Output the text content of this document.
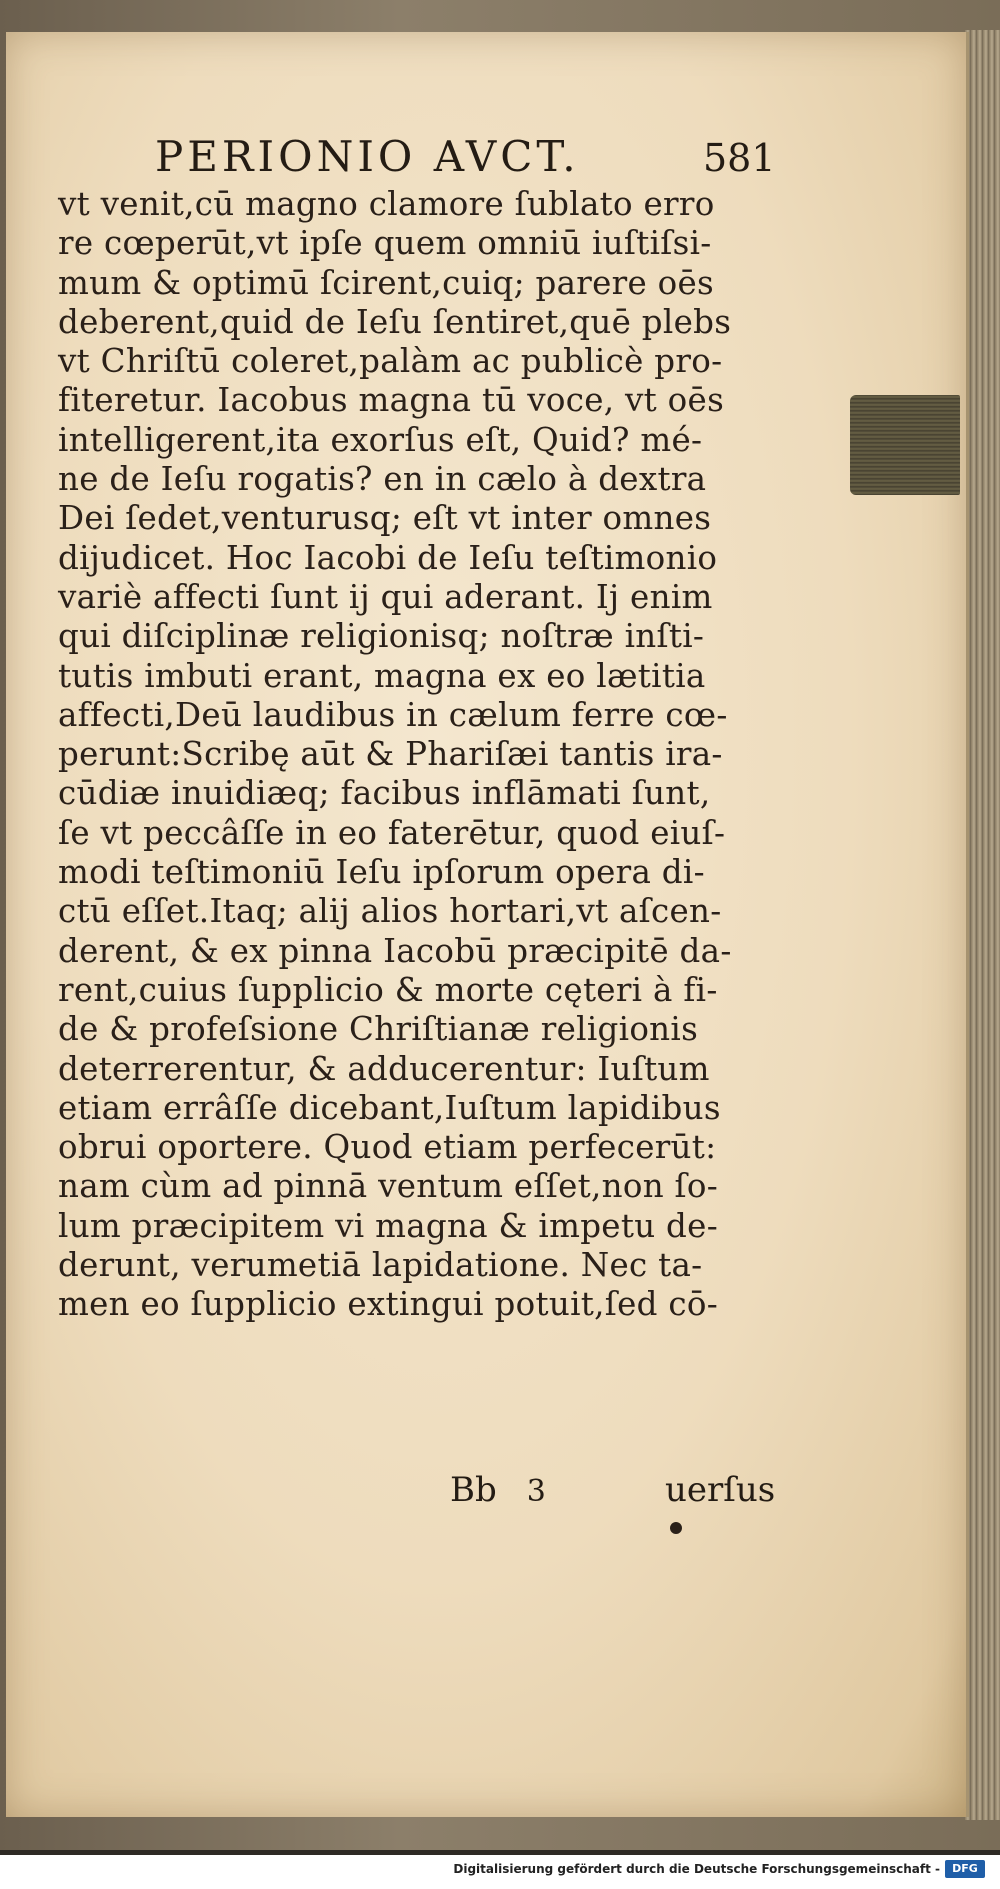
PERIONIO AVCT.	581
vt venit,cū magno clamore ſublato erro
re cœperūt,vt ipſe quem omniū iuſtiſsi-
mum & optimū ſcirent,cuiq; parere oēs
deberent,quid de Ieſu ſentiret,quē plebs
vt Chriſtū coleret,palàm ac publicè pro-
fiteretur. Iacobus magna tū voce, vt oēs
intelligerent,ita exorſus eſt, Quid? mé-
ne de Ieſu rogatis? en in cælo à dextra
Dei ſedet,venturusq; eſt vt inter omnes
dijudicet. Hoc Iacobi de Ieſu teſtimonio
variè affecti ſunt ij qui aderant. Ij enim
qui diſciplinæ religionisq; noſtræ inſti-
tutis imbuti erant, magna ex eo lætitia
affecti,Deū laudibus in cælum ferre cœ-
perunt:Scribę aūt & Phariſæi tantis ira-
cūdiæ inuidiæq; facibus inflāmati ſunt,
ſe vt peccâſſe in eo faterētur, quod eiuſ-
modi teſtimoniū Ieſu ipſorum opera di-
ctū eſſet.Itaq; alij alios hortari,vt aſcen-
derent, & ex pinna Iacobū præcipitē da-
rent,cuius ſupplicio & morte cęteri à fi-
de & profeſsione Chriſtianæ religionis
deterrerentur, & adducerentur: Iuſtum
etiam errâſſe dicebant,Iuſtum lapidibus
obrui oportere. Quod etiam perfecerūt:
nam cùm ad pinnā ventum eſſet,non ſo-
lum præcipitem vi magna & impetu de-
derunt, verumetiā lapidatione. Nec ta-
men eo ſupplicio extingui potuit,ſed cō-
Bb 3	uerſus
Digitalisierung gefördert durch die Deutsche Forschungsgemeinschaft -	DFG
